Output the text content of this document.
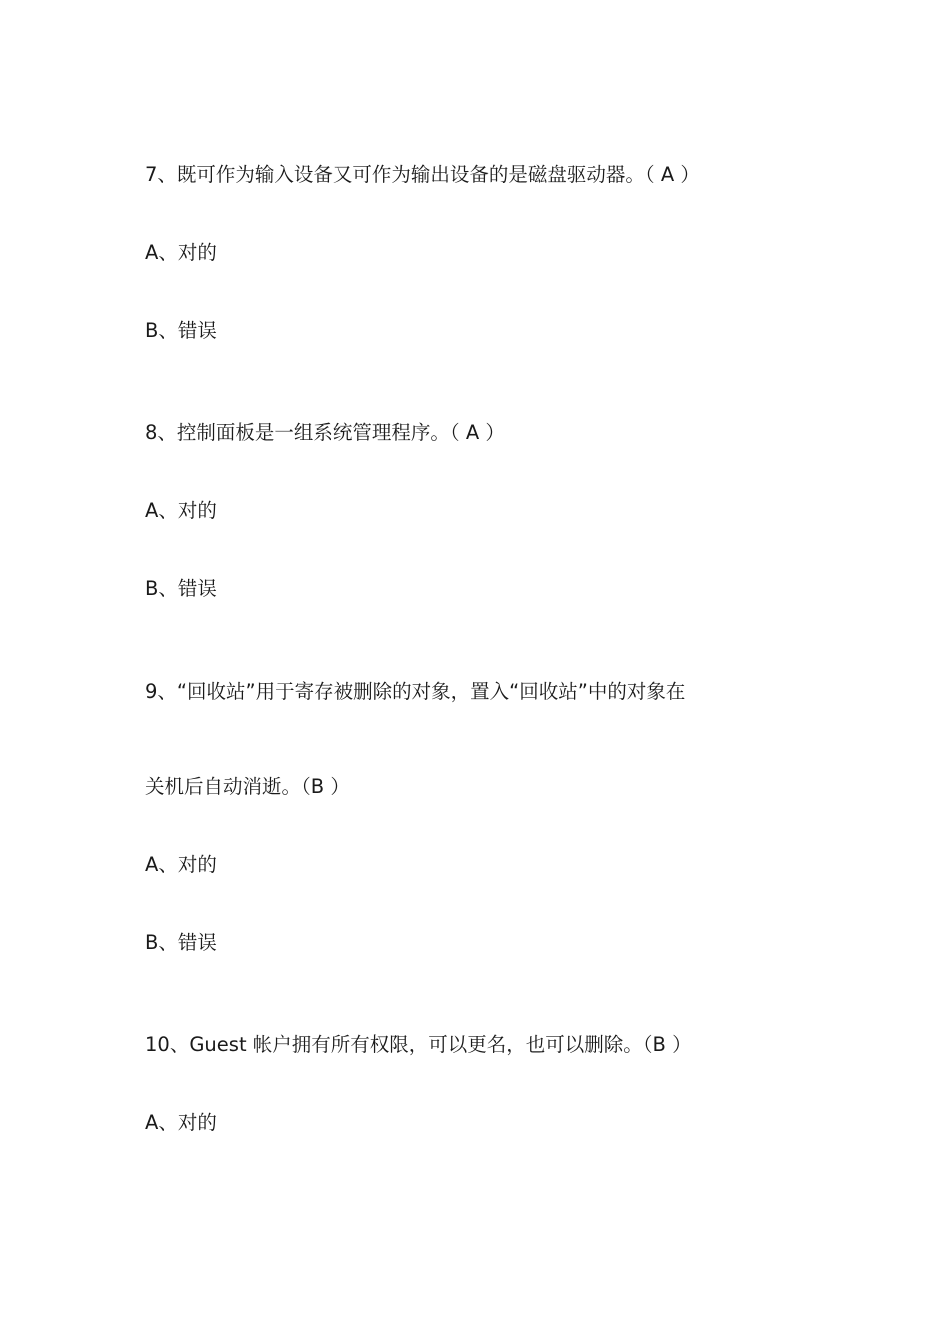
7、既可作为输入设备又可作为输出设备的是磁盘驱动器。（ A ）
A、对的
B、错误
8、控制面板是一组系统管理程序。（ A ）
A、对的
B、错误
9、“回收站”用于寄存被删除的对象，置入“回收站”中的对象在
关机后自动消逝。（B ）
A、对的
B、错误
10、Guest 帐户拥有所有权限，可以更名，也可以删除。（B ）
A、对的
